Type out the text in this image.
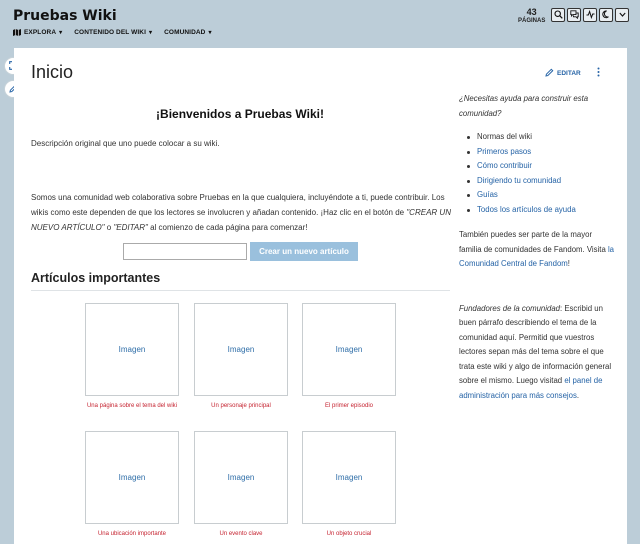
Pruebas Wiki
EXPLORA ▾ CONTENIDO DEL WIKI ▾ COMUNIDAD ▾
43
PÁGINAS
Inicio	EDITAR
¡Bienvenidos a Pruebas Wiki!
Descripción original que uno puede colocar a su wiki.

Somos una comunidad web colaborativa sobre Pruebas en la que cualquiera, incluyéndote a ti, puede contribuir. Los wikis como este dependen de que los lectores se involucren y añadan contenido. ¡Haz clic en el botón de "CREAR UN NUEVO ARTÍCULO" o "EDITAR" al comienzo de cada página para comenzar!

Crear un nuevo artículo
Artículos importantes
Imagen	Imagen	Imagen
Una página sobre el tema del wiki	Un personaje principal	El primer episodio
Imagen	Imagen	Imagen
Una ubicación importante	Un evento clave	Un objeto crucial
¿Necesitas ayuda para construir esta comunidad?
Normas del wiki
Primeros pasos
Cómo contribuir
Dirigiendo tu comunidad
Guías
Todos los artículos de ayuda

También puedes ser parte de la mayor familia de comunidades de Fandom. Visita la Comunidad Central de Fandom!

Fundadores de la comunidad: Escribid un buen párrafo describiendo el tema de la comunidad aquí. Permitid que vuestros lectores sepan más del tema sobre el que trata este wiki y algo de información general sobre el mismo. Luego visitad el panel de administración para más consejos.
